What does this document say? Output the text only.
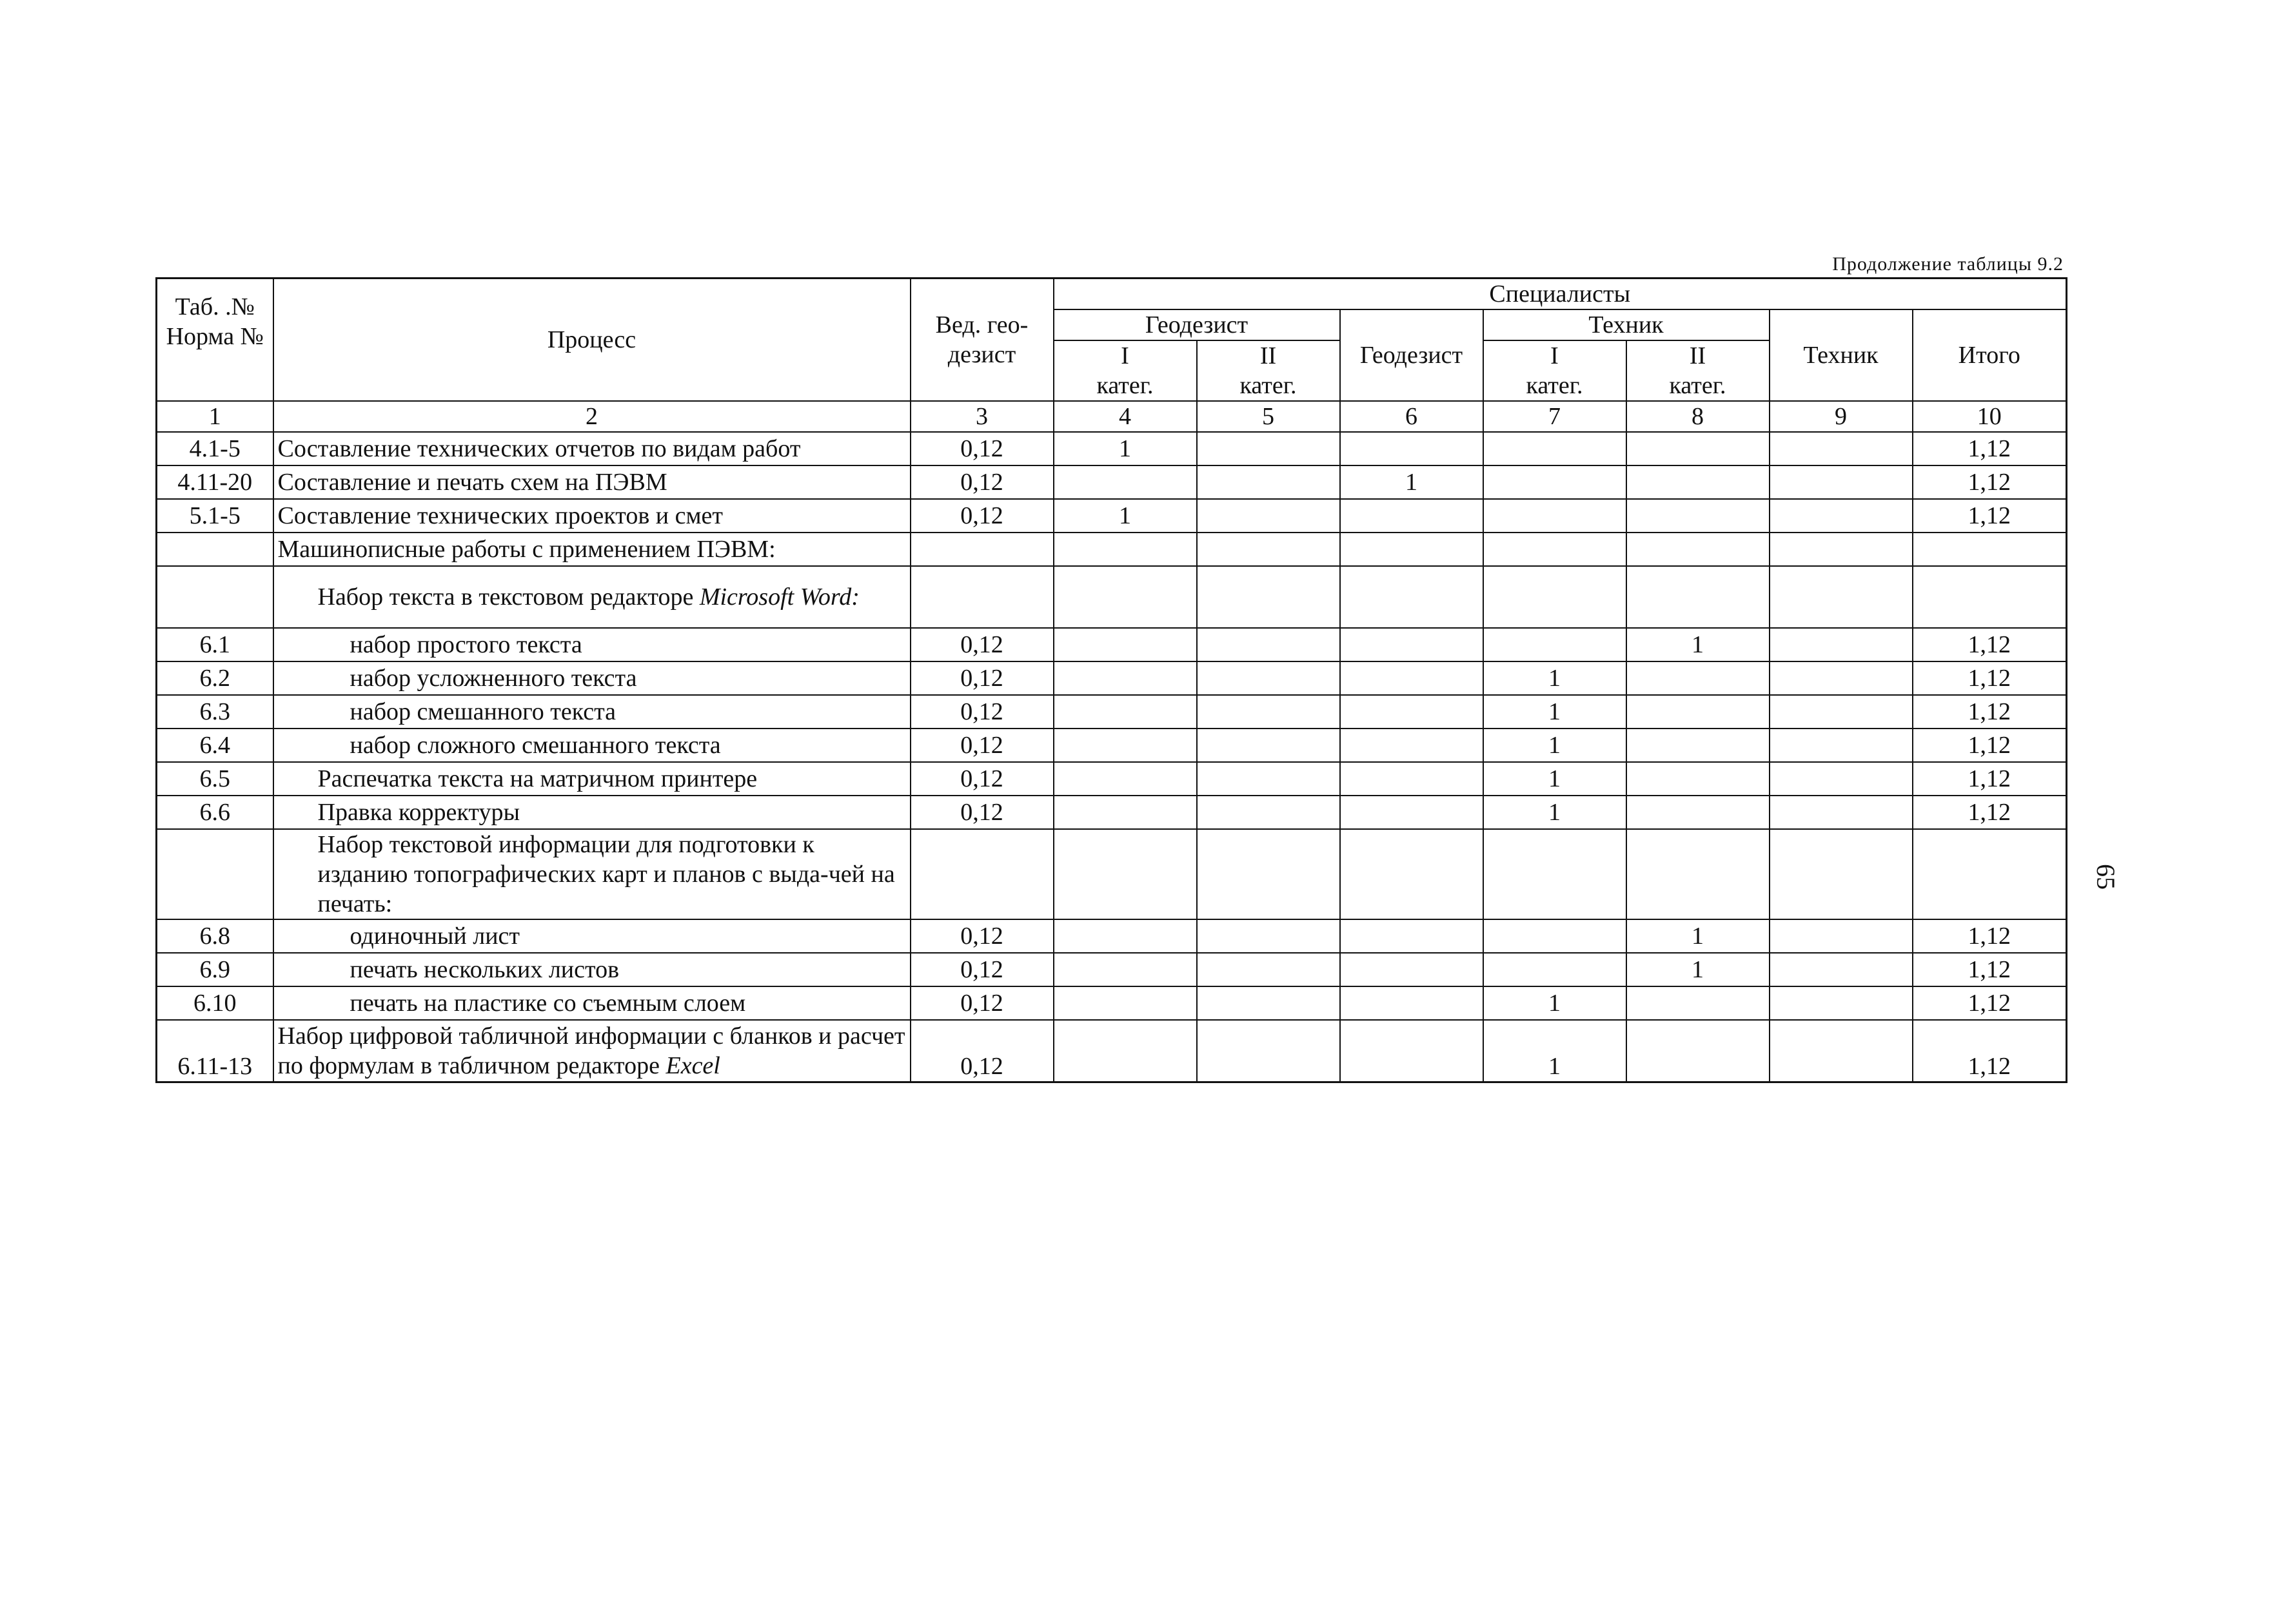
Продолжение таблицы 9.2
65
Таб. .№ Норма №	Процесс	Вед. гео-дезист	Специалисты						
			Геодезист		Геодезист	Техник		Техник	Итого
			I	II		I	II		
			катег.	катег.		катег.	катег.		
1	2	3	4	5	6	7	8	9	10
4.1-5	Составление технических отчетов по видам работ	0,12	1						1,12
4.11-20	Составление и печать схем на ПЭВМ	0,12			1				1,12
5.1-5	Составление технических проектов и смет	0,12	1						1,12
	Машинописные работы с применением ПЭВМ:								
	Набор текста в текстовом редакторе Microsoft Word:								
6.1	набор простого текста	0,12					1		1,12
6.2	набор усложненного текста	0,12				1			1,12
6.3	набор смешанного текста	0,12				1			1,12
6.4	набор сложного смешанного текста	0,12				1			1,12
6.5	Распечатка текста на матричном принтере	0,12				1			1,12
6.6	Правка корректуры	0,12				1			1,12
	Набор текстовой информации для подготовки к изданию топографических карт и планов с выда-чей на печать:								
6.8	одиночный лист	0,12					1		1,12
6.9	печать нескольких листов	0,12					1		1,12
6.10	печать на пластике со съемным слоем	0,12				1			1,12
6.11-13	Набор цифровой табличной информации с бланков и расчет по формулам в табличном редакторе Excel	0,12				1			1,12
